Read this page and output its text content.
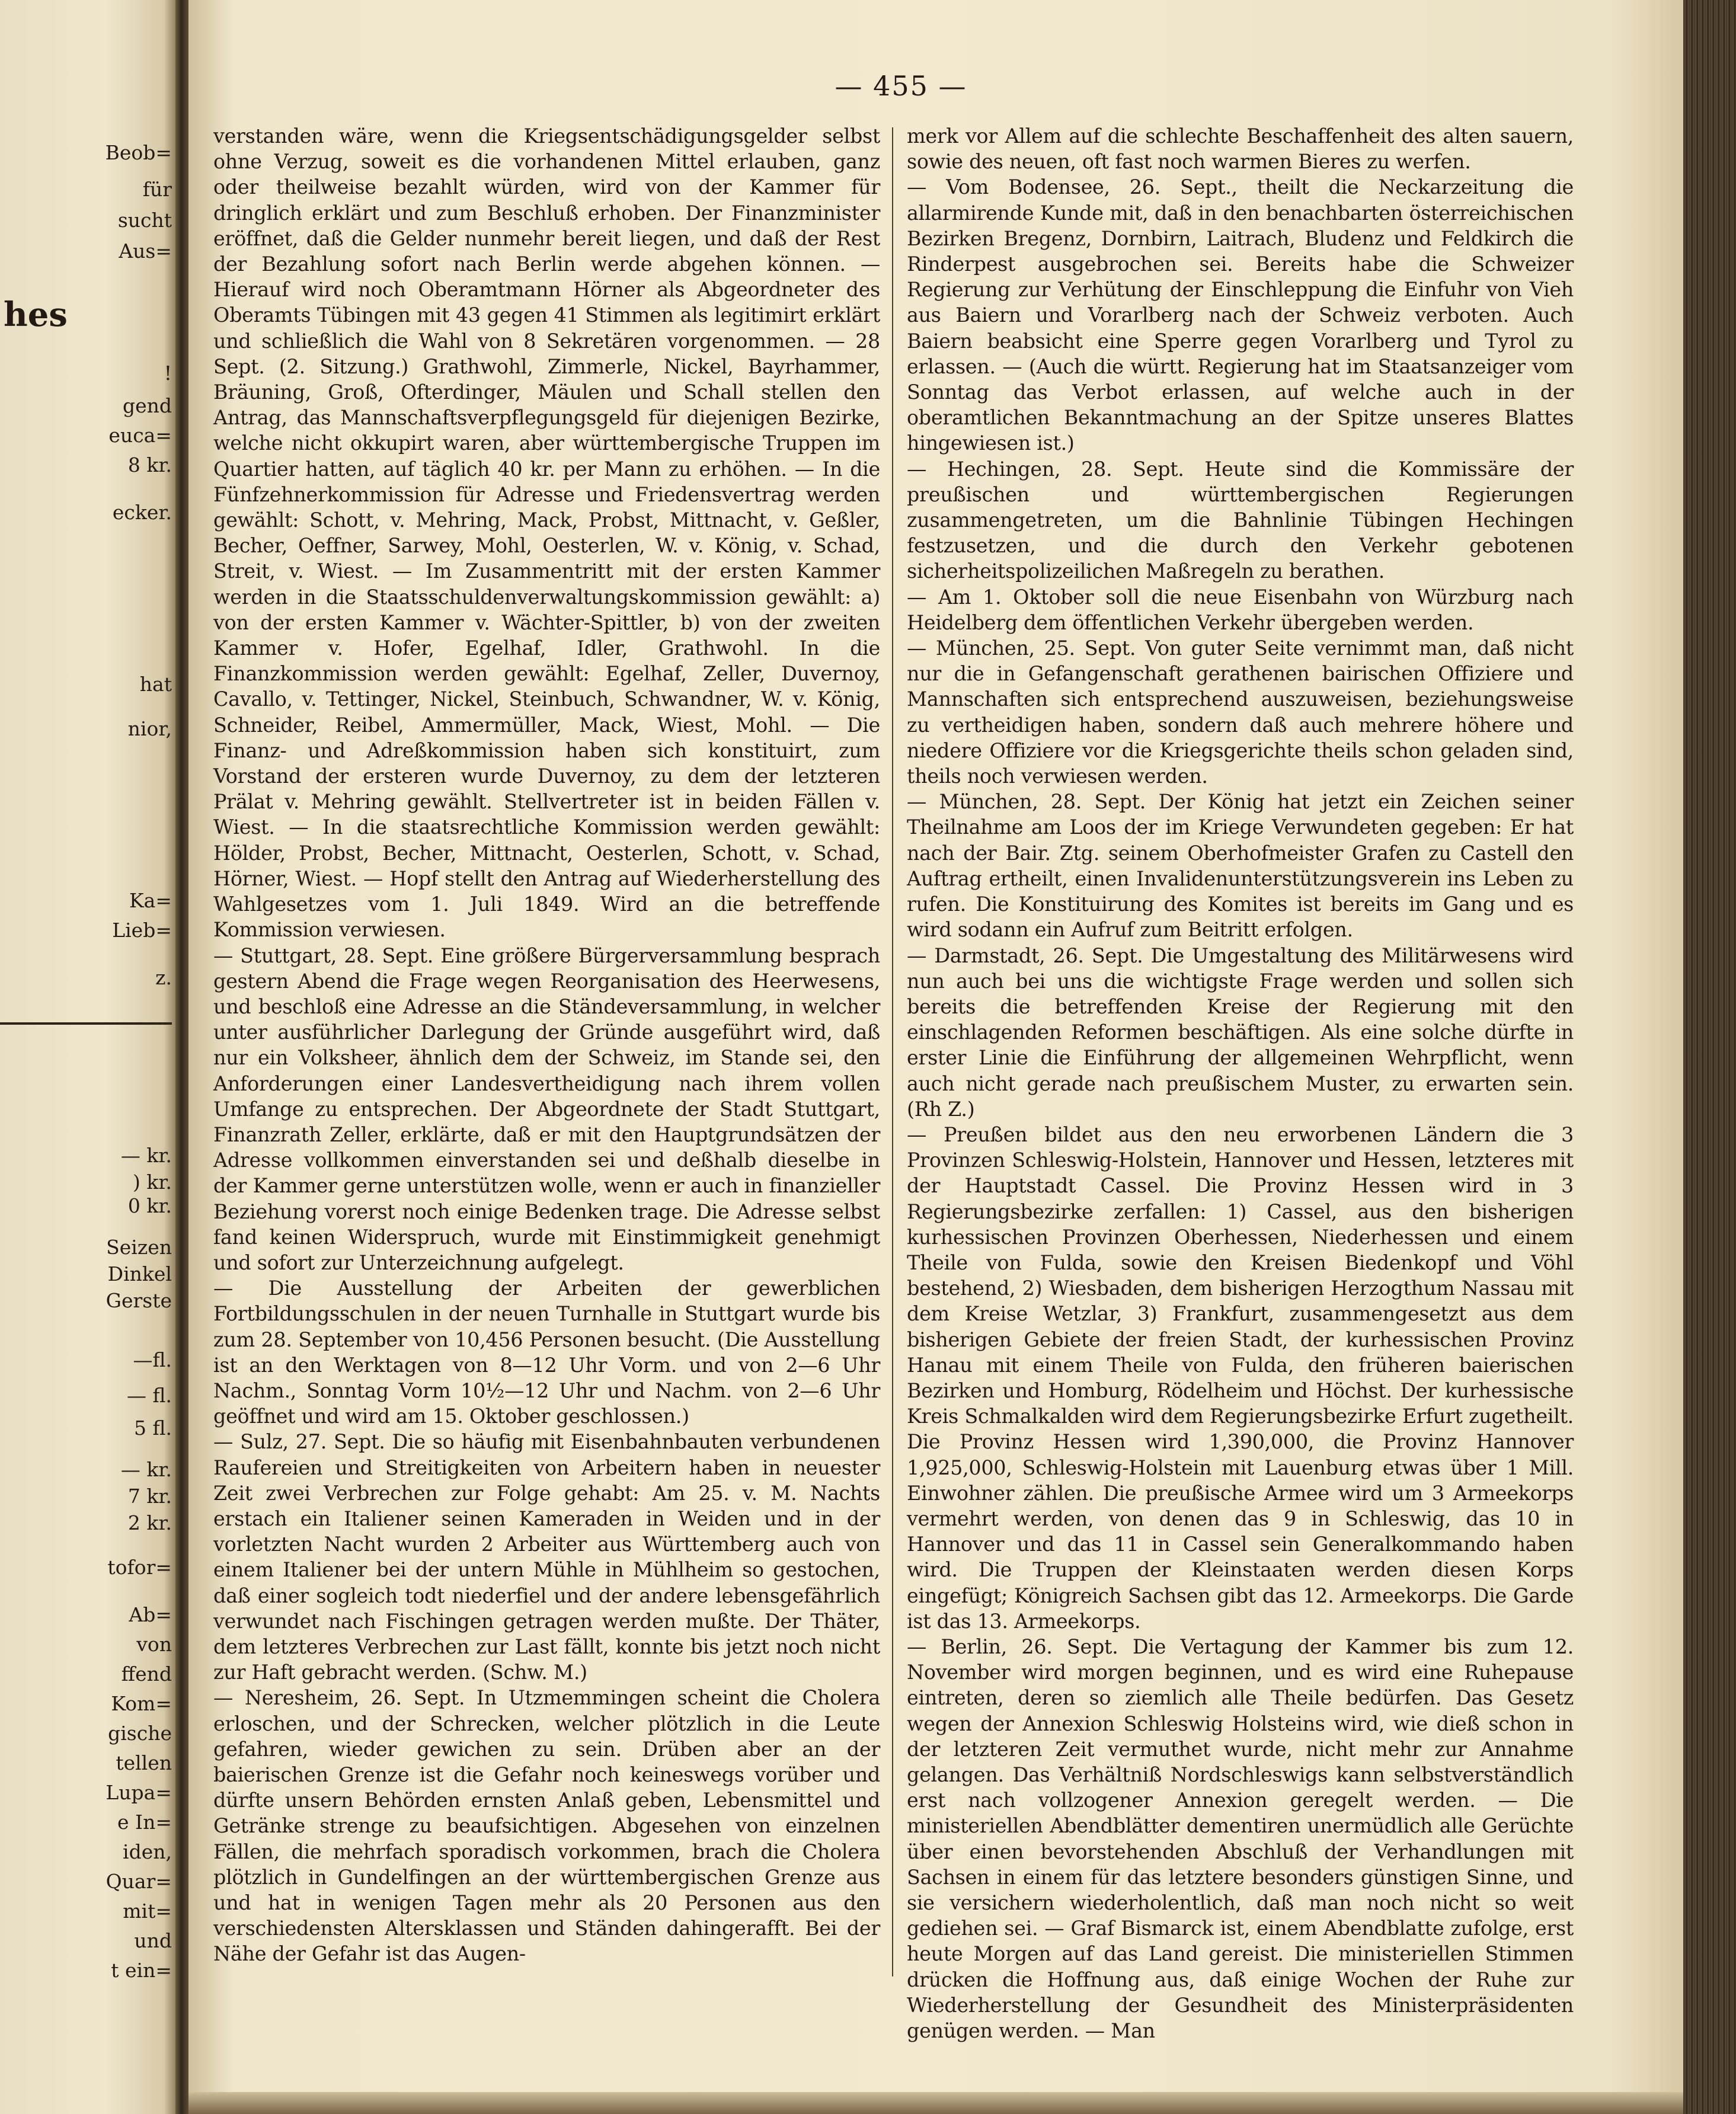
Beob=
für
sucht
Aus=
hes
!
gend
euca=
8 kr.
ecker.
hat
nior,
Ka=
Lieb=
z.
— kr.
) kr.
0 kr.
Seizen
Dinkel
Gerste
—fl.
— fl.
5 fl.
— kr.
7 kr.
2 kr.
tofor=
Ab=
von
ffend
Kom=
gische
tellen
Lupa=
e In=
iden,
Quar=
mit=
und
t ein=
— 455 —

verstanden wäre, wenn die Kriegsentschädigungsgelder selbst ohne Verzug, soweit es die vorhandenen Mittel erlauben, ganz oder theilweise bezahlt würden, wird von der Kammer für dringlich erklärt und zum Beschluß erhoben. Der Finanzminister eröffnet, daß die Gelder nunmehr bereit liegen, und daß der Rest der Bezahlung sofort nach Berlin werde abgehen können. — Hierauf wird noch Oberamtmann Hörner als Abgeordneter des Oberamts Tübingen mit 43 gegen 41 Stimmen als legitimirt erklärt und schließlich die Wahl von 8 Sekretären vorgenommen. — 28 Sept. (2. Sitzung.) Grathwohl, Zimmerle, Nickel, Bayrhammer, Bräuning, Groß, Ofterdinger, Mäulen und Schall stellen den Antrag, das Mannschaftsverpflegungsgeld für diejenigen Bezirke, welche nicht okkupirt waren, aber württembergische Truppen im Quartier hatten, auf täglich 40 kr. per Mann zu erhöhen. — In die Fünfzehnerkommission für Adresse und Friedensvertrag werden gewählt: Schott, v. Mehring, Mack, Probst, Mittnacht, v. Geßler, Becher, Oeffner, Sarwey, Mohl, Oesterlen, W. v. König, v. Schad, Streit, v. Wiest. — Im Zusammentritt mit der ersten Kammer werden in die Staatsschuldenverwaltungskommission gewählt: a) von der ersten Kammer v. Wächter-Spittler, b) von der zweiten Kammer v. Hofer, Egelhaf, Idler, Grathwohl. In die Finanzkommission werden gewählt: Egelhaf, Zeller, Duvernoy, Cavallo, v. Tettinger, Nickel, Steinbuch, Schwandner, W. v. König, Schneider, Reibel, Ammermüller, Mack, Wiest, Mohl. — Die Finanz- und Adreßkommission haben sich konstituirt, zum Vorstand der ersteren wurde Duvernoy, zu dem der letzteren Prälat v. Mehring gewählt. Stellvertreter ist in beiden Fällen v. Wiest. — In die staatsrechtliche Kommission werden gewählt: Hölder, Probst, Becher, Mittnacht, Oesterlen, Schott, v. Schad, Hörner, Wiest. — Hopf stellt den Antrag auf Wiederherstellung des Wahlgesetzes vom 1. Juli 1849. Wird an die betreffende Kommission verwiesen.

— Stuttgart, 28. Sept. Eine größere Bürgerversammlung besprach gestern Abend die Frage wegen Reorganisation des Heerwesens, und beschloß eine Adresse an die Ständeversammlung, in welcher unter ausführlicher Darlegung der Gründe ausgeführt wird, daß nur ein Volksheer, ähnlich dem der Schweiz, im Stande sei, den Anforderungen einer Landesvertheidigung nach ihrem vollen Umfange zu entsprechen. Der Abgeordnete der Stadt Stuttgart, Finanzrath Zeller, erklärte, daß er mit den Hauptgrundsätzen der Adresse vollkommen einverstanden sei und deßhalb dieselbe in der Kammer gerne unterstützen wolle, wenn er auch in finanzieller Beziehung vorerst noch einige Bedenken trage. Die Adresse selbst fand keinen Widerspruch, wurde mit Einstimmigkeit genehmigt und sofort zur Unterzeichnung aufgelegt.

— Die Ausstellung der Arbeiten der gewerblichen Fortbildungsschulen in der neuen Turnhalle in Stuttgart wurde bis zum 28. September von 10,456 Personen besucht. (Die Ausstellung ist an den Werktagen von 8—12 Uhr Vorm. und von 2—6 Uhr Nachm., Sonntag Vorm 10½—12 Uhr und Nachm. von 2—6 Uhr geöffnet und wird am 15. Oktober geschlossen.)

— Sulz, 27. Sept. Die so häufig mit Eisenbahnbauten verbundenen Raufereien und Streitigkeiten von Arbeitern haben in neuester Zeit zwei Verbrechen zur Folge gehabt: Am 25. v. M. Nachts erstach ein Italiener seinen Kameraden in Weiden und in der vorletzten Nacht wurden 2 Arbeiter aus Württemberg auch von einem Italiener bei der untern Mühle in Mühlheim so gestochen, daß einer sogleich todt niederfiel und der andere lebensgefährlich verwundet nach Fischingen getragen werden mußte. Der Thäter, dem letzteres Verbrechen zur Last fällt, konnte bis jetzt noch nicht zur Haft gebracht werden. (Schw. M.)

— Neresheim, 26. Sept. In Utzmemmingen scheint die Cholera erloschen, und der Schrecken, welcher plötzlich in die Leute gefahren, wieder gewichen zu sein. Drüben aber an der baierischen Grenze ist die Gefahr noch keineswegs vorüber und dürfte unsern Behörden ernsten Anlaß geben, Lebensmittel und Getränke strenge zu beaufsichtigen. Abgesehen von einzelnen Fällen, die mehrfach sporadisch vorkommen, brach die Cholera plötzlich in Gundelfingen an der württembergischen Grenze aus und hat in wenigen Tagen mehr als 20 Personen aus den verschiedensten Altersklassen und Ständen dahingerafft. Bei der Nähe der Gefahr ist das Augen-

merk vor Allem auf die schlechte Beschaffenheit des alten sauern, sowie des neuen, oft fast noch warmen Bieres zu werfen.

— Vom Bodensee, 26. Sept., theilt die Neckarzeitung die allarmirende Kunde mit, daß in den benachbarten österreichischen Bezirken Bregenz, Dornbirn, Laitrach, Bludenz und Feldkirch die Rinderpest ausgebrochen sei. Bereits habe die Schweizer Regierung zur Verhütung der Einschleppung die Einfuhr von Vieh aus Baiern und Vorarlberg nach der Schweiz verboten. Auch Baiern beabsicht eine Sperre gegen Vorarlberg und Tyrol zu erlassen. — (Auch die württ. Regierung hat im Staatsanzeiger vom Sonntag das Verbot erlassen, auf welche auch in der oberamtlichen Bekanntmachung an der Spitze unseres Blattes hingewiesen ist.)

— Hechingen, 28. Sept. Heute sind die Kommissäre der preußischen und württembergischen Regierungen zusammengetreten, um die Bahnlinie Tübingen Hechingen festzusetzen, und die durch den Verkehr gebotenen sicherheitspolizeilichen Maßregeln zu berathen.

— Am 1. Oktober soll die neue Eisenbahn von Würzburg nach Heidelberg dem öffentlichen Verkehr übergeben werden.

— München, 25. Sept. Von guter Seite vernimmt man, daß nicht nur die in Gefangenschaft gerathenen bairischen Offiziere und Mannschaften sich entsprechend auszuweisen, beziehungsweise zu vertheidigen haben, sondern daß auch mehrere höhere und niedere Offiziere vor die Kriegsgerichte theils schon geladen sind, theils noch verwiesen werden.

— München, 28. Sept. Der König hat jetzt ein Zeichen seiner Theilnahme am Loos der im Kriege Verwundeten gegeben: Er hat nach der Bair. Ztg. seinem Oberhofmeister Grafen zu Castell den Auftrag ertheilt, einen Invalidenunterstützungsverein ins Leben zu rufen. Die Konstituirung des Komites ist bereits im Gang und es wird sodann ein Aufruf zum Beitritt erfolgen.

— Darmstadt, 26. Sept. Die Umgestaltung des Militärwesens wird nun auch bei uns die wichtigste Frage werden und sollen sich bereits die betreffenden Kreise der Regierung mit den einschlagenden Reformen beschäftigen. Als eine solche dürfte in erster Linie die Einführung der allgemeinen Wehrpflicht, wenn auch nicht gerade nach preußischem Muster, zu erwarten sein. (Rh Z.)

— Preußen bildet aus den neu erworbenen Ländern die 3 Provinzen Schleswig-Holstein, Hannover und Hessen, letzteres mit der Hauptstadt Cassel. Die Provinz Hessen wird in 3 Regierungsbezirke zerfallen: 1) Cassel, aus den bisherigen kurhessischen Provinzen Oberhessen, Niederhessen und einem Theile von Fulda, sowie den Kreisen Biedenkopf und Vöhl bestehend, 2) Wiesbaden, dem bisherigen Herzogthum Nassau mit dem Kreise Wetzlar, 3) Frankfurt, zusammengesetzt aus dem bisherigen Gebiete der freien Stadt, der kurhessischen Provinz Hanau mit einem Theile von Fulda, den früheren baierischen Bezirken und Homburg, Rödelheim und Höchst. Der kurhessische Kreis Schmalkalden wird dem Regierungsbezirke Erfurt zugetheilt. Die Provinz Hessen wird 1,390,000, die Provinz Hannover 1,925,000, Schleswig-Holstein mit Lauenburg etwas über 1 Mill. Einwohner zählen. Die preußische Armee wird um 3 Armeekorps vermehrt werden, von denen das 9 in Schleswig, das 10 in Hannover und das 11 in Cassel sein Generalkommando haben wird. Die Truppen der Kleinstaaten werden diesen Korps eingefügt; Königreich Sachsen gibt das 12. Armeekorps. Die Garde ist das 13. Armeekorps.

— Berlin, 26. Sept. Die Vertagung der Kammer bis zum 12. November wird morgen beginnen, und es wird eine Ruhepause eintreten, deren so ziemlich alle Theile bedürfen. Das Gesetz wegen der Annexion Schleswig Holsteins wird, wie dieß schon in der letzteren Zeit vermuthet wurde, nicht mehr zur Annahme gelangen. Das Verhältniß Nordschleswigs kann selbstverständlich erst nach vollzogener Annexion geregelt werden. — Die ministeriellen Abendblätter dementiren unermüdlich alle Gerüchte über einen bevorstehenden Abschluß der Verhandlungen mit Sachsen in einem für das letztere besonders günstigen Sinne, und sie versichern wiederholentlich, daß man noch nicht so weit gediehen sei. — Graf Bismarck ist, einem Abendblatte zufolge, erst heute Morgen auf das Land gereist. Die ministeriellen Stimmen drücken die Hoffnung aus, daß einige Wochen der Ruhe zur Wiederherstellung der Gesundheit des Ministerpräsidenten genügen werden. — Man
